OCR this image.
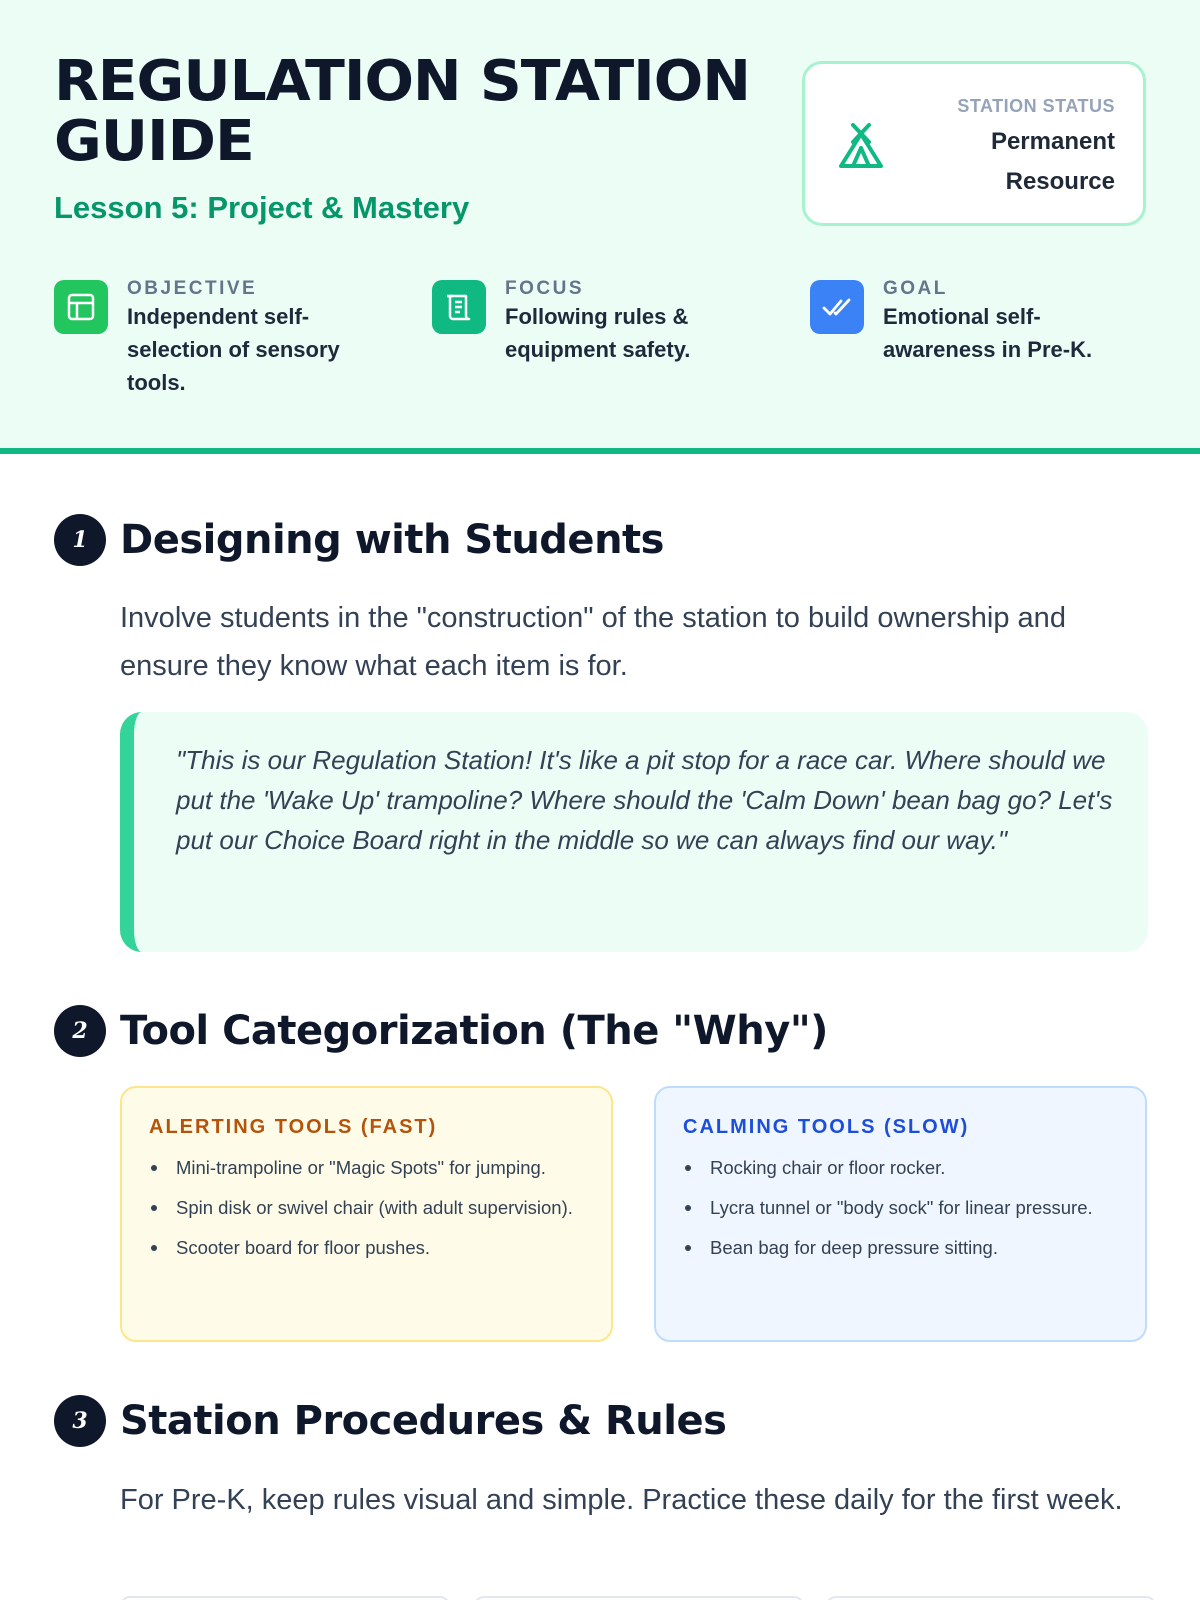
REGULATION STATION GUIDE
Lesson 5: Project & Mastery
STATION STATUS
Permanent Resource
OBJECTIVE
Independent self-selection of sensory tools.
FOCUS
Following rules & equipment safety.
GOAL
Emotional self-awareness in Pre-K.
1 Designing with Students

Involve students in the "construction" of the station to build ownership and ensure they know what each item is for.

"This is our Regulation Station! It's like a pit stop for a race car. Where should we put the 'Wake Up' trampoline? Where should the 'Calm Down' bean bag go? Let's put our Choice Board right in the middle so we can always find our way."

2 Tool Categorization (The "Why")
ALERTING TOOLS (FAST)
Mini-trampoline or "Magic Spots" for jumping.
Spin disk or swivel chair (with adult supervision).
Scooter board for floor pushes.
CALMING TOOLS (SLOW)
Rocking chair or floor rocker.
Lycra tunnel or "body sock" for linear pressure.
Bean bag for deep pressure sitting.
3 Station Procedures & Rules

For Pre-K, keep rules visual and simple. Practice these daily for the first week.
